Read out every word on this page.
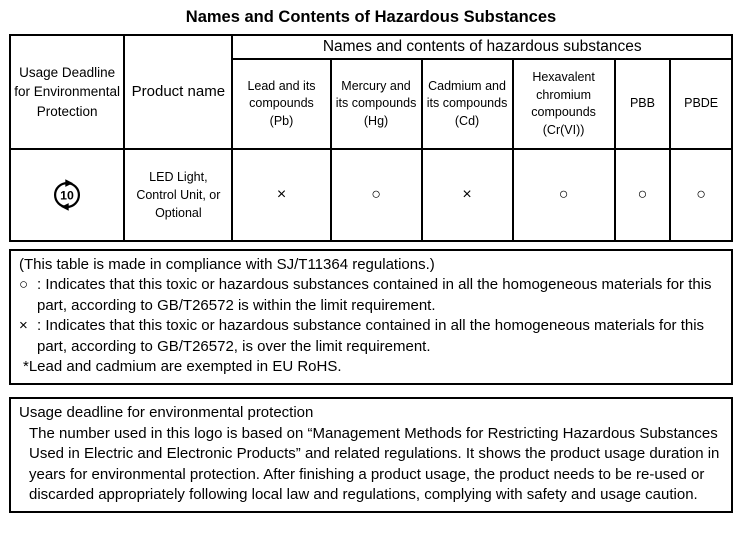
Names and Contents of Hazardous Substances
Usage Deadline for Environmental Protection	Product name	Names and contents of hazardous substances					
		Lead and its compounds (Pb)	Mercury and its compounds (Hg)	Cadmium and its compounds (Cd)	Hexavalent chromium compounds (Cr(VI))	PBB	PBDE

10	LED Light, Control Unit, or Optional	×	○	×	○	○	○
(This table is made in compliance with SJ/T11364 regulations.)
○ : Indicates that this toxic or hazardous substances contained in all the homogeneous materials for this part, according to GB/T26572 is within the limit requirement.
× : Indicates that this toxic or hazardous substance contained in all the homogeneous materials for this part, according to GB/T26572, is over the limit requirement.
*Lead and cadmium are exempted in EU RoHS.
Usage deadline for environmental protection

The number used in this logo is based on “Management Methods for Restricting Hazardous Substances Used in Electric and Electronic Products” and related regulations. It shows the product usage duration in years for environmental protection. After finishing a product usage, the product needs to be re-used or discarded appropriately following local law and regulations, complying with safety and usage caution.
